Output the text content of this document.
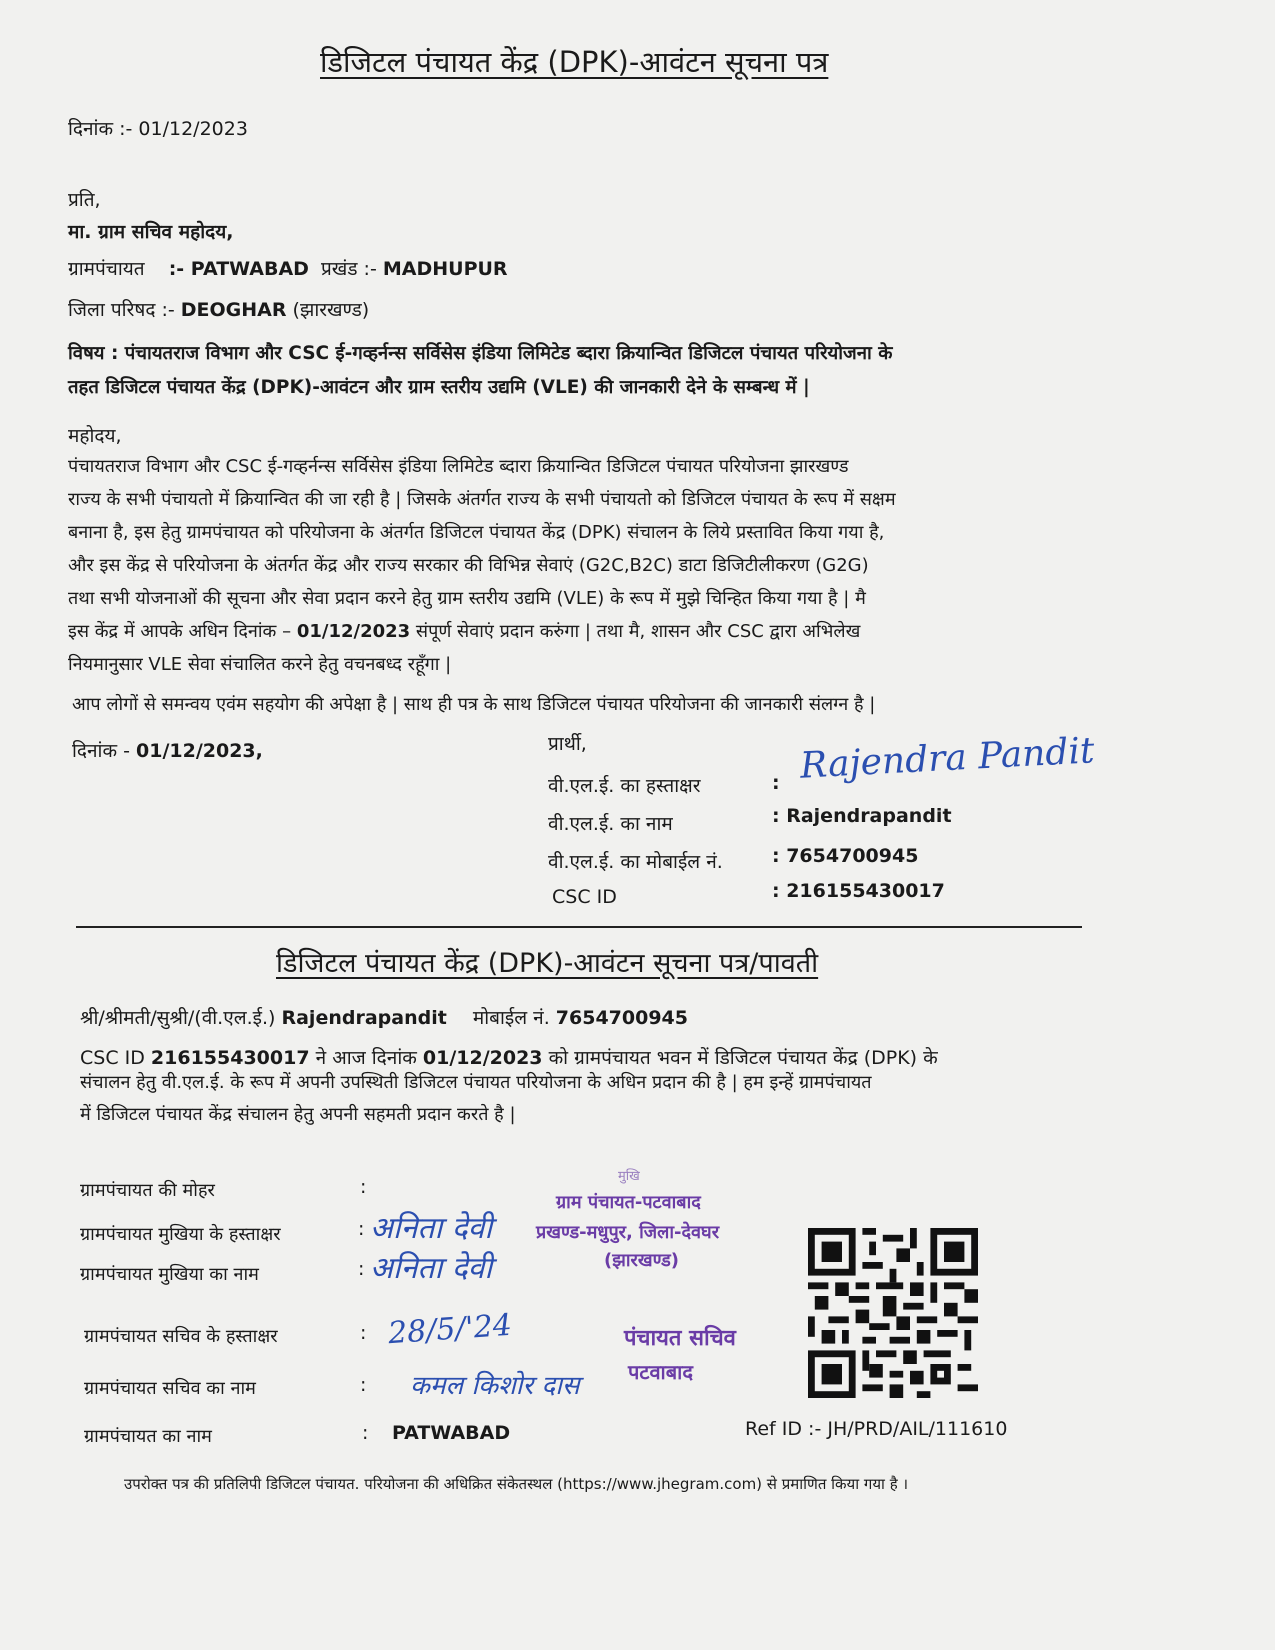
डिजिटल पंचायत केंद्र (DPK)-आवंटन सूचना पत्र
दिनांक :- 01/12/2023
प्रति,
मा. ग्राम सचिव महोदय,
ग्रामपंचायत :- PATWABAD प्रखंड :- MADHUPUR
जिला परिषद :- DEOGHAR (झारखण्ड)
विषय : पंचायतराज विभाग और CSC ई-गव्हर्नन्स सर्विसेस इंडिया लिमिटेड ब्दारा क्रियान्वित डिजिटल पंचायत परियोजना के
तहत डिजिटल पंचायत केंद्र (DPK)-आवंटन और ग्राम स्तरीय उद्यमि (VLE) की जानकारी देने के सम्बन्ध में |
महोदय,
पंचायतराज विभाग और CSC ई-गव्हर्नन्स सर्विसेस इंडिया लिमिटेड ब्दारा क्रियान्वित डिजिटल पंचायत परियोजना झारखण्ड
राज्य के सभी पंचायतो में क्रियान्वित की जा रही है | जिसके अंतर्गत राज्य के सभी पंचायतो को डिजिटल पंचायत के रूप में सक्षम
बनाना है, इस हेतु ग्रामपंचायत को परियोजना के अंतर्गत डिजिटल पंचायत केंद्र (DPK) संचालन के लिये प्रस्तावित किया गया है,
और इस केंद्र से परियोजना के अंतर्गत केंद्र और राज्य सरकार की विभिन्न सेवाएं (G2C,B2C) डाटा डिजिटीलीकरण (G2G)
तथा सभी योजनाओं की सूचना और सेवा प्रदान करने हेतु ग्राम स्तरीय उद्यमि (VLE) के रूप में मुझे चिन्हित किया गया है | मै
इस केंद्र में आपके अधिन दिनांक – 01/12/2023 संपूर्ण सेवाएं प्रदान करुंगा | तथा मै, शासन और CSC द्वारा अभिलेख
नियमानुसार VLE सेवा संचालित करने हेतु वचनबध्द रहूँगा |
आप लोगों से समन्वय एवंम सहयोग की अपेक्षा है | साथ ही पत्र के साथ डिजिटल पंचायत परियोजना की जानकारी संलग्न है |
दिनांक - 01/12/2023,	प्रार्थी,
वी.एल.ई. का हस्ताक्षर	: Rajendra Pandit
वी.एल.ई. का नाम	: Rajendrapandit
वी.एल.ई. का मोबाईल नं.	: 7654700945
CSC ID	: 216155430017
डिजिटल पंचायत केंद्र (DPK)-आवंटन सूचना पत्र/पावती
श्री/श्रीमती/सुश्री/(वी.एल.ई.) Rajendrapandit मोबाईल नं. 7654700945
CSC ID 216155430017 ने आज दिनांक 01/12/2023 को ग्रामपंचायत भवन में डिजिटल पंचायत केंद्र (DPK) के
संचालन हेतु वी.एल.ई. के रूप में अपनी उपस्थिती डिजिटल पंचायत परियोजना के अधिन प्रदान की है | हम इन्हें ग्रामपंचायत
में डिजिटल पंचायत केंद्र संचालन हेतु अपनी सहमती प्रदान करते है |
ग्रामपंचायत की मोहर	:
ग्रामपंचायत मुखिया के हस्ताक्षर	: अनिता देवी
ग्रामपंचायत मुखिया का नाम	: अनिता देवी
मुखि
ग्राम पंचायत-पटवाबाद
प्रखण्ड-मधुपुर, जिला-देवघर
(झारखण्ड)
ग्रामपंचायत सचिव के हस्ताक्षर	: 28/5/'24	पंचायत सचिव
पटवाबाद
ग्रामपंचायत सचिव का नाम	: कमल किशोर दास
ग्रामपंचायत का नाम	: PATWABAD	Ref ID :- JH/PRD/AIL/111610
उपरोक्त पत्र की प्रतिलिपी डिजिटल पंचायत. परियोजना की अधिक्रित संकेतस्थल (https://www.jhegram.com) से प्रमाणित किया गया है ।
